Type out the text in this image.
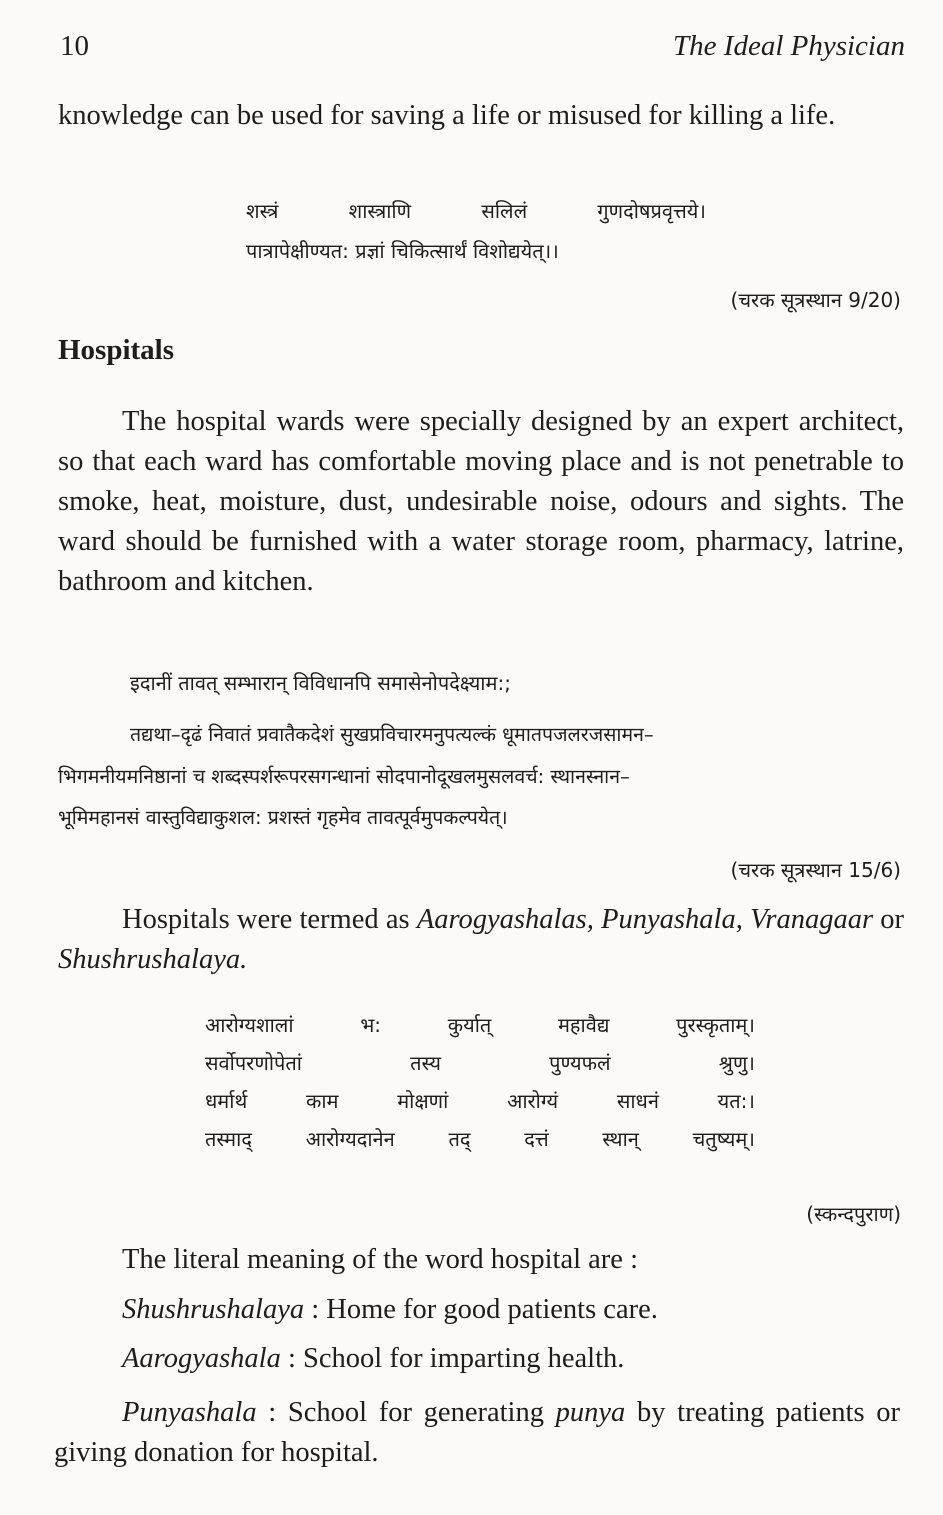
10	The Ideal Physician
knowledge can be used for saving a life or misused for killing a life.
शस्त्रं	शास्त्राणि	सलिलं	गुणदोषप्रवृत्तये।
पात्रापेक्षीण्यत: प्रज्ञां चिकित्सार्थं विशोद्ययेत्।।
(चरक सूत्रस्थान 9/20)
Hospitals
The hospital wards were specially designed by an expert architect, so that each ward has comfortable moving place and is not penetrable to smoke, heat, moisture, dust, undesirable noise, odours and sights. The ward should be furnished with a water storage room, pharmacy, latrine, bathroom and kitchen.
इदानीं तावत् सम्भारान् विविधानपि समासेनोपदेक्ष्याम:;
तद्यथा–दृढं निवातं प्रवातैकदेशं सुखप्रविचारमनुपत्यल्कं धूमातपजलरजसामन–
भिगमनीयमनिष्ठानां च शब्दस्पर्शरूपरसगन्धानां सोदपानोदूखलमुसलवर्च: स्थानस्नान–
भूमिमहानसं वास्तुविद्याकुशल: प्रशस्तं गृहमेव तावत्पूर्वमुपकल्पयेत्।
(चरक सूत्रस्थान 15/6)
Hospitals were termed as Aarogyashalas, Punyashala, Vranagaar or Shushrushalaya.
आरोग्यशालां	भ:	कुर्यात्	महावैद्य	पुरस्कृताम्।
सर्वोपरणोपेतां	तस्य	पुण्यफलं	श्रुणु।
धर्मार्थ	काम	मोक्षणां	आरोग्यं	साधनं	यत:।
तस्माद्	आरोग्यदानेन	तद्	दत्तं	स्थान्	चतुष्यम्।
(स्कन्दपुराण)
The literal meaning of the word hospital are :
Shushrushalaya : Home for good patients care.
Aarogyashala : School for imparting health.
Punyashala : School for generating punya by treating patients or giving donation for hospital.
